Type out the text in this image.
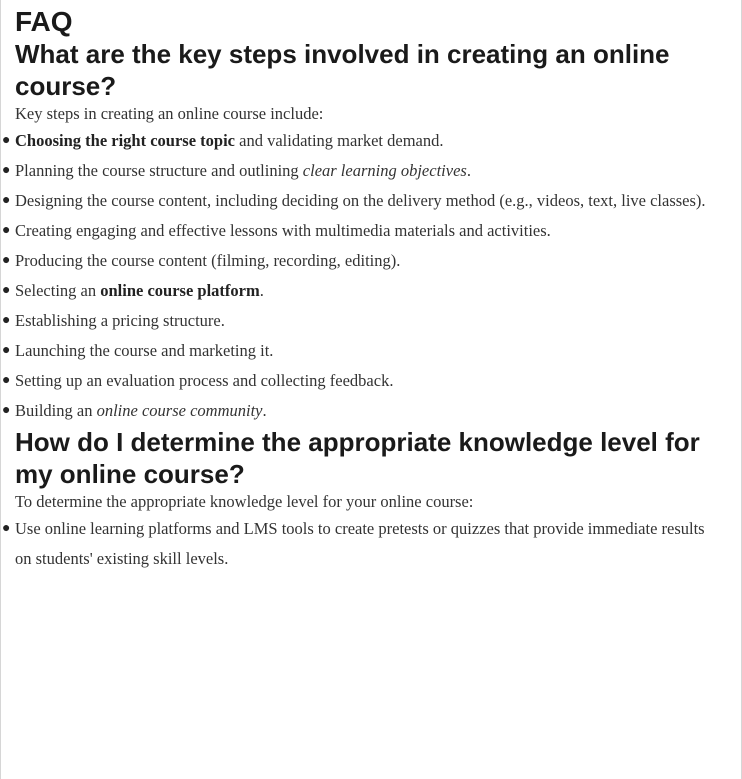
FAQ
What are the key steps involved in creating an online course?

Key steps in creating an online course include:

● Choosing the right course topic and validating market demand.
● Planning the course structure and outlining clear learning objectives.
● Designing the course content, including deciding on the delivery method (e.g., videos, text, live classes).
● Creating engaging and effective lessons with multimedia materials and activities.
● Producing the course content (filming, recording, editing).
● Selecting an online course platform.
● Establishing a pricing structure.
● Launching the course and marketing it.
● Setting up an evaluation process and collecting feedback.
● Building an online course community.
How do I determine the appropriate knowledge level for my online course?

To determine the appropriate knowledge level for your online course:

● Use online learning platforms and LMS tools to create pretests or quizzes that provide immediate results on students' existing skill levels.
